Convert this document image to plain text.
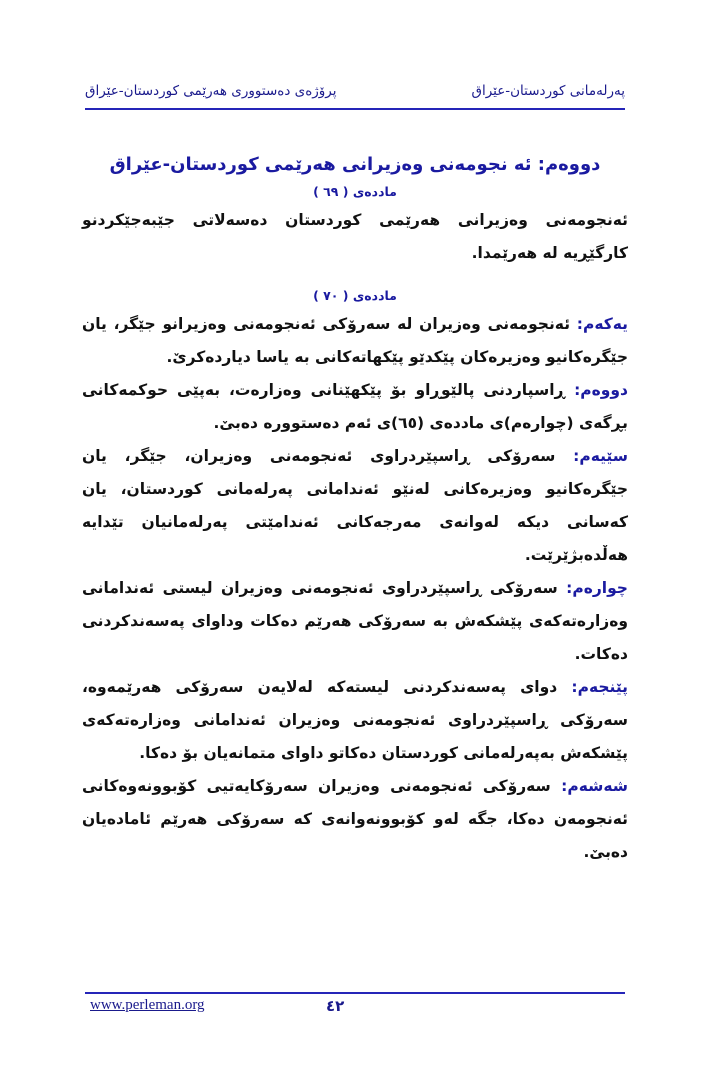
پەرلەمانی كوردستان-عێراق
پرۆژەی دەستووری هەرێمی كوردستان-عێراق

دووەم: ئە نجومەنی وەزیرانی هەرێمی كوردستان-عێراق

ماددەی ( ٦٩ )

ئەنجومەنی وەزیرانی هەرێمی كوردستان دەسەلاتی جێبەجێكردنو كارگێڕیە لە هەرێمدا.

ماددەی ( ٧٠ )

یەكەم: ئەنجومەنی وەزیران لە سەرۆكی ئەنجومەنی وەزیرانو جێگر، یان جێگرەكانیو وەزیرەكان پێكدێو پێكهاتەكانی بە یاسا دیاردەكرێ.

دووەم: ڕاسپاردنی پالێوڕاو بۆ پێكهێنانی وەزارەت، بەپێی حوكمەكانی بڕگەی (چوارەم)ی ماددەی (٦٥)ی ئەم دەستوورە دەبێ.

سێیەم: سەرۆكی ڕاسپێردراوی ئەنجومەنی وەزیران، جێگر، یان جێگرەكانیو وەزیرەكانی لەنێو ئەندامانی پەرلەمانی كوردستان، یان كەسانی دیكە لەوانەی مەرجەكانی ئەندامێتی پەرلەمانیان تێدایە هەڵدەبژێرێت.

چوارەم: سەرۆكی ڕاسپێردراوی ئەنجومەنی وەزیران لیستی ئەندامانی وەزارەتەكەی پێشكەش بە سەرۆكی هەرێم دەكات وداوای پەسەندكردنی دەكات.

پێنجەم: دوای پەسەندكردنی لیستەكە لەلایەن سەرۆكی هەرێمەوە، سەرۆكی ڕاسپێردراوی ئەنجومەنی وەزیران ئەندامانی وەزارەتەكەی پێشكەش بەپەرلەمانی كوردستان دەكاتو داوای متمانەیان بۆ دەكا.

شەشەم: سەرۆكی ئەنجومەنی وەزیران سەرۆكایەتیی كۆبوونەوەكانی ئەنجومەن دەكا، جگە لەو كۆبوونەوانەی كە سەرۆكی هەرێم ئامادەیان دەبێ.

www.perleman.org	٤٢
